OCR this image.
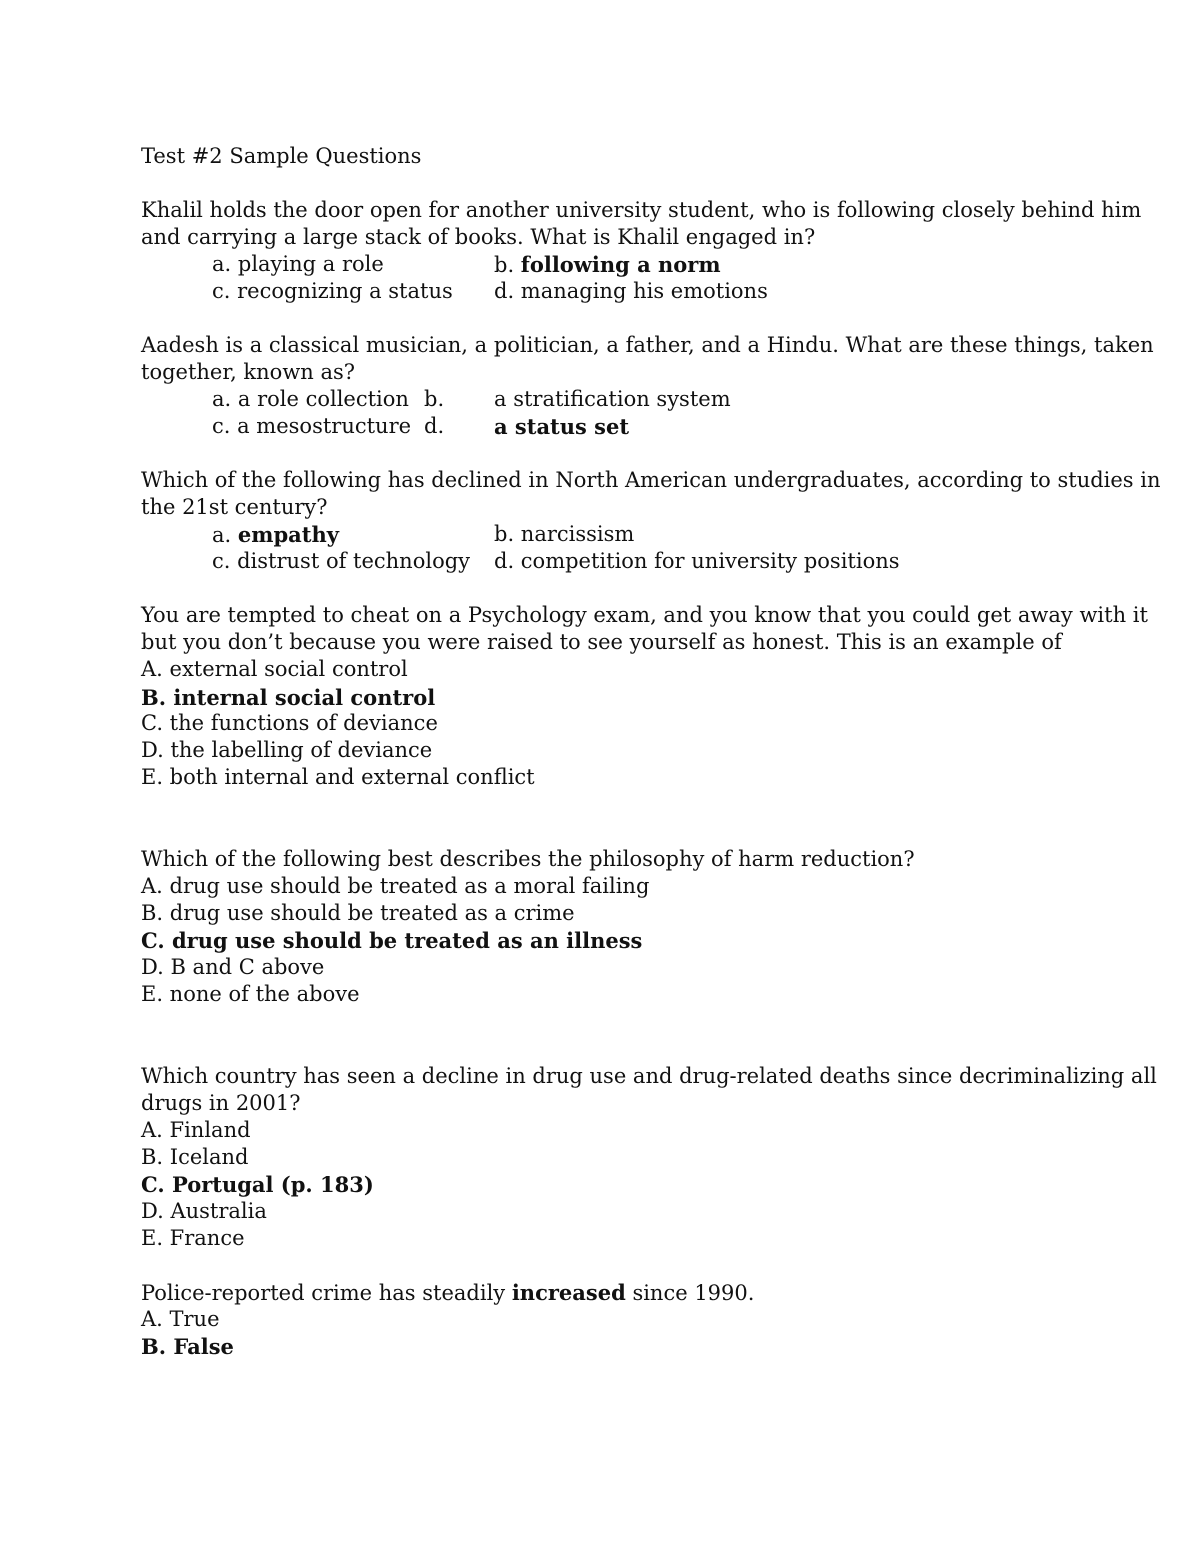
Test #2 Sample Questions
Khalil holds the door open for another university student, who is following closely behind him
and carrying a large stack of books. What is Khalil engaged in?
a. playing a role	b. following a norm
c. recognizing a status d. managing his emotions
Aadesh is a classical musician, a politician, a father, and a Hindu. What are these things, taken
together, known as?
a. a role collection b. a stratification system
c. a mesostructure d. a status set
Which of the following has declined in North American undergraduates, according to studies in
the 21st century?
a. empathy	b. narcissism
c. distrust of technology d. competition for university positions
You are tempted to cheat on a Psychology exam, and you know that you could get away with it
but you don’t because you were raised to see yourself as honest. This is an example of
A. external social control
B. internal social control
C. the functions of deviance
D. the labelling of deviance
E. both internal and external conflict
Which of the following best describes the philosophy of harm reduction?
A. drug use should be treated as a moral failing
B. drug use should be treated as a crime
C. drug use should be treated as an illness
D. B and C above
E. none of the above
Which country has seen a decline in drug use and drug-related deaths since decriminalizing all
drugs in 2001?
A. Finland
B. Iceland
C. Portugal (p. 183)
D. Australia
E. France
Police-reported crime has steadily increased since 1990.
A. True
B. False
